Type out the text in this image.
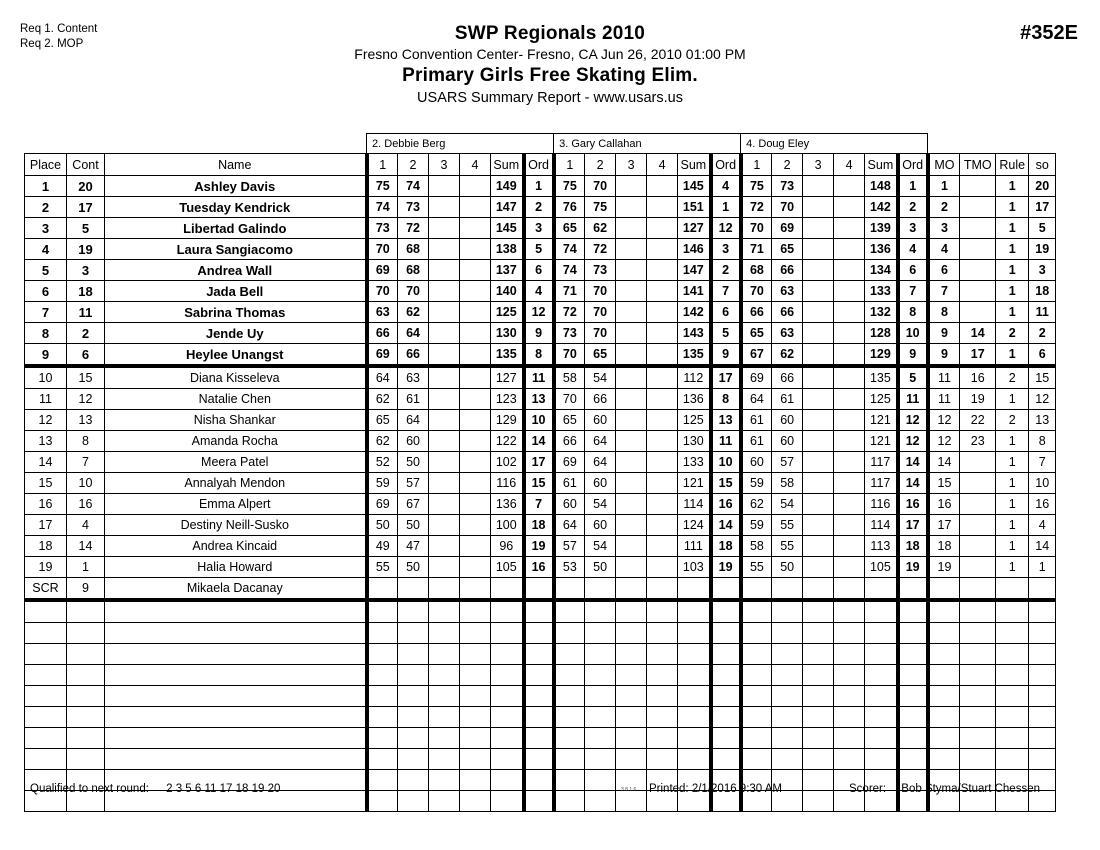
Req 1. Content
Req 2. MOP	SWP Regionals 2010
Fresno Convention Center- Fresno, CA Jun 26, 2010 01:00 PM
Primary Girls Free Skating Elim.
USARS Summary Report - www.usars.us
#352E
			2. Debbie Berg						3. Gary Callahan						4. Doug Eley									
Place	Cont	Name	1	2	3	4	Sum	Ord	1	2	3	4	Sum	Ord	1	2	3	4	Sum	Ord	MO	TMO	Rule	so
1	20	Ashley Davis	75	74			149	1	75	70			145	4	75	73			148	1	1		1	20
2	17	Tuesday Kendrick	74	73			147	2	76	75			151	1	72	70			142	2	2		1	17
3	5	Libertad Galindo	73	72			145	3	65	62			127	12	70	69			139	3	3		1	5
4	19	Laura Sangiacomo	70	68			138	5	74	72			146	3	71	65			136	4	4		1	19
5	3	Andrea Wall	69	68			137	6	74	73			147	2	68	66			134	6	6		1	3
6	18	Jada Bell	70	70			140	4	71	70			141	7	70	63			133	7	7		1	18
7	11	Sabrina Thomas	63	62			125	12	72	70			142	6	66	66			132	8	8		1	11
8	2	Jende Uy	66	64			130	9	73	70			143	5	65	63			128	10	9	14	2	2
9	6	Heylee Unangst	69	66			135	8	70	65			135	9	67	62			129	9	9	17	1	6
10	15	Diana Kisseleva	64	63			127	11	58	54			112	17	69	66			135	5	11	16	2	15
11	12	Natalie Chen	62	61			123	13	70	66			136	8	64	61			125	11	11	19	1	12
12	13	Nisha Shankar	65	64			129	10	65	60			125	13	61	60			121	12	12	22	2	13
13	8	Amanda Rocha	62	60			122	14	66	64			130	11	61	60			121	12	12	23	1	8
14	7	Meera Patel	52	50			102	17	69	64			133	10	60	57			117	14	14		1	7
15	10	Annalyah Mendon	59	57			116	15	61	60			121	15	59	58			117	14	15		1	10
16	16	Emma Alpert	69	67			136	7	60	54			114	16	62	54			116	16	16		1	16
17	4	Destiny Neill-Susko	50	50			100	18	64	60			124	14	59	55			114	17	17		1	4
18	14	Andrea Kincaid	49	47			96	19	57	54			111	18	58	55			113	18	18		1	14
19	1	Halia Howard	55	50			105	16	53	50			103	19	55	50			105	19	19		1	1
SCR	9	Mikaela Dacanay																						

Qualified to next round: 2 3 5 6 11 17 18 19 20	3.8.1.6 Printed: 2/1/2016 9:30 AM	Scorer: Bob Styma/Stuart Chessen
